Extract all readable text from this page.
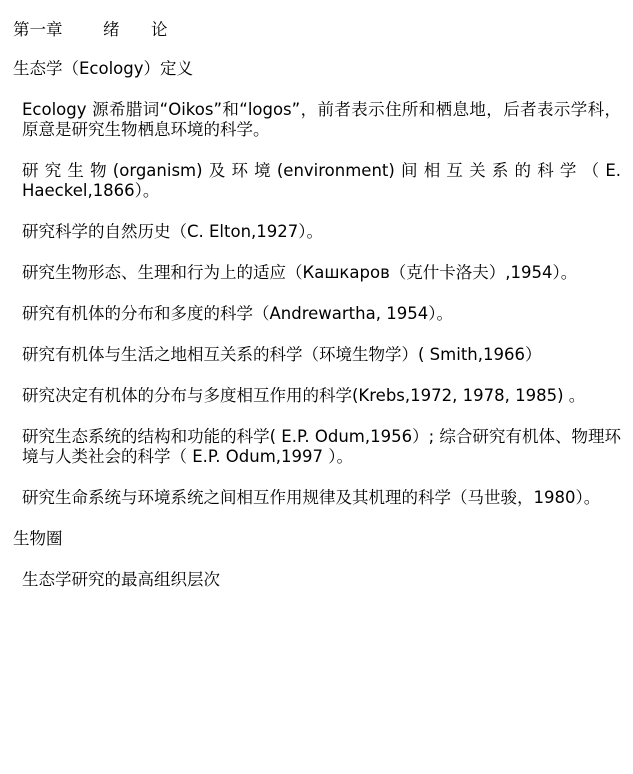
第一章 绪 论
生态学（Ecology）定义
Ecology 源希腊词“Oikos”和“logos”，前者表示住所和栖息地，后者表示学科，原意是研究生物栖息环境的科学。
研究生物(organism)及环境(environment)间相互关系的科学（E. Haeckel,1866）。
研究科学的自然历史（C. Elton,1927）。
研究生物形态、生理和行为上的适应（Кашкаров（克什卡洛夫）,1954）。
研究有机体的分布和多度的科学（Andrewartha, 1954）。
研究有机体与生活之地相互关系的科学（环境生物学）( Smith,1966）
研究决定有机体的分布与多度相互作用的科学(Krebs,1972, 1978, 1985) 。
研究生态系统的结构和功能的科学( E.P. Odum,1956）; 综合研究有机体、物理环境与人类社会的科学（ E.P. Odum,1997 ）。
研究生命系统与环境系统之间相互作用规律及其机理的科学（马世骏，1980）。
生物圈
生态学研究的最高组织层次
